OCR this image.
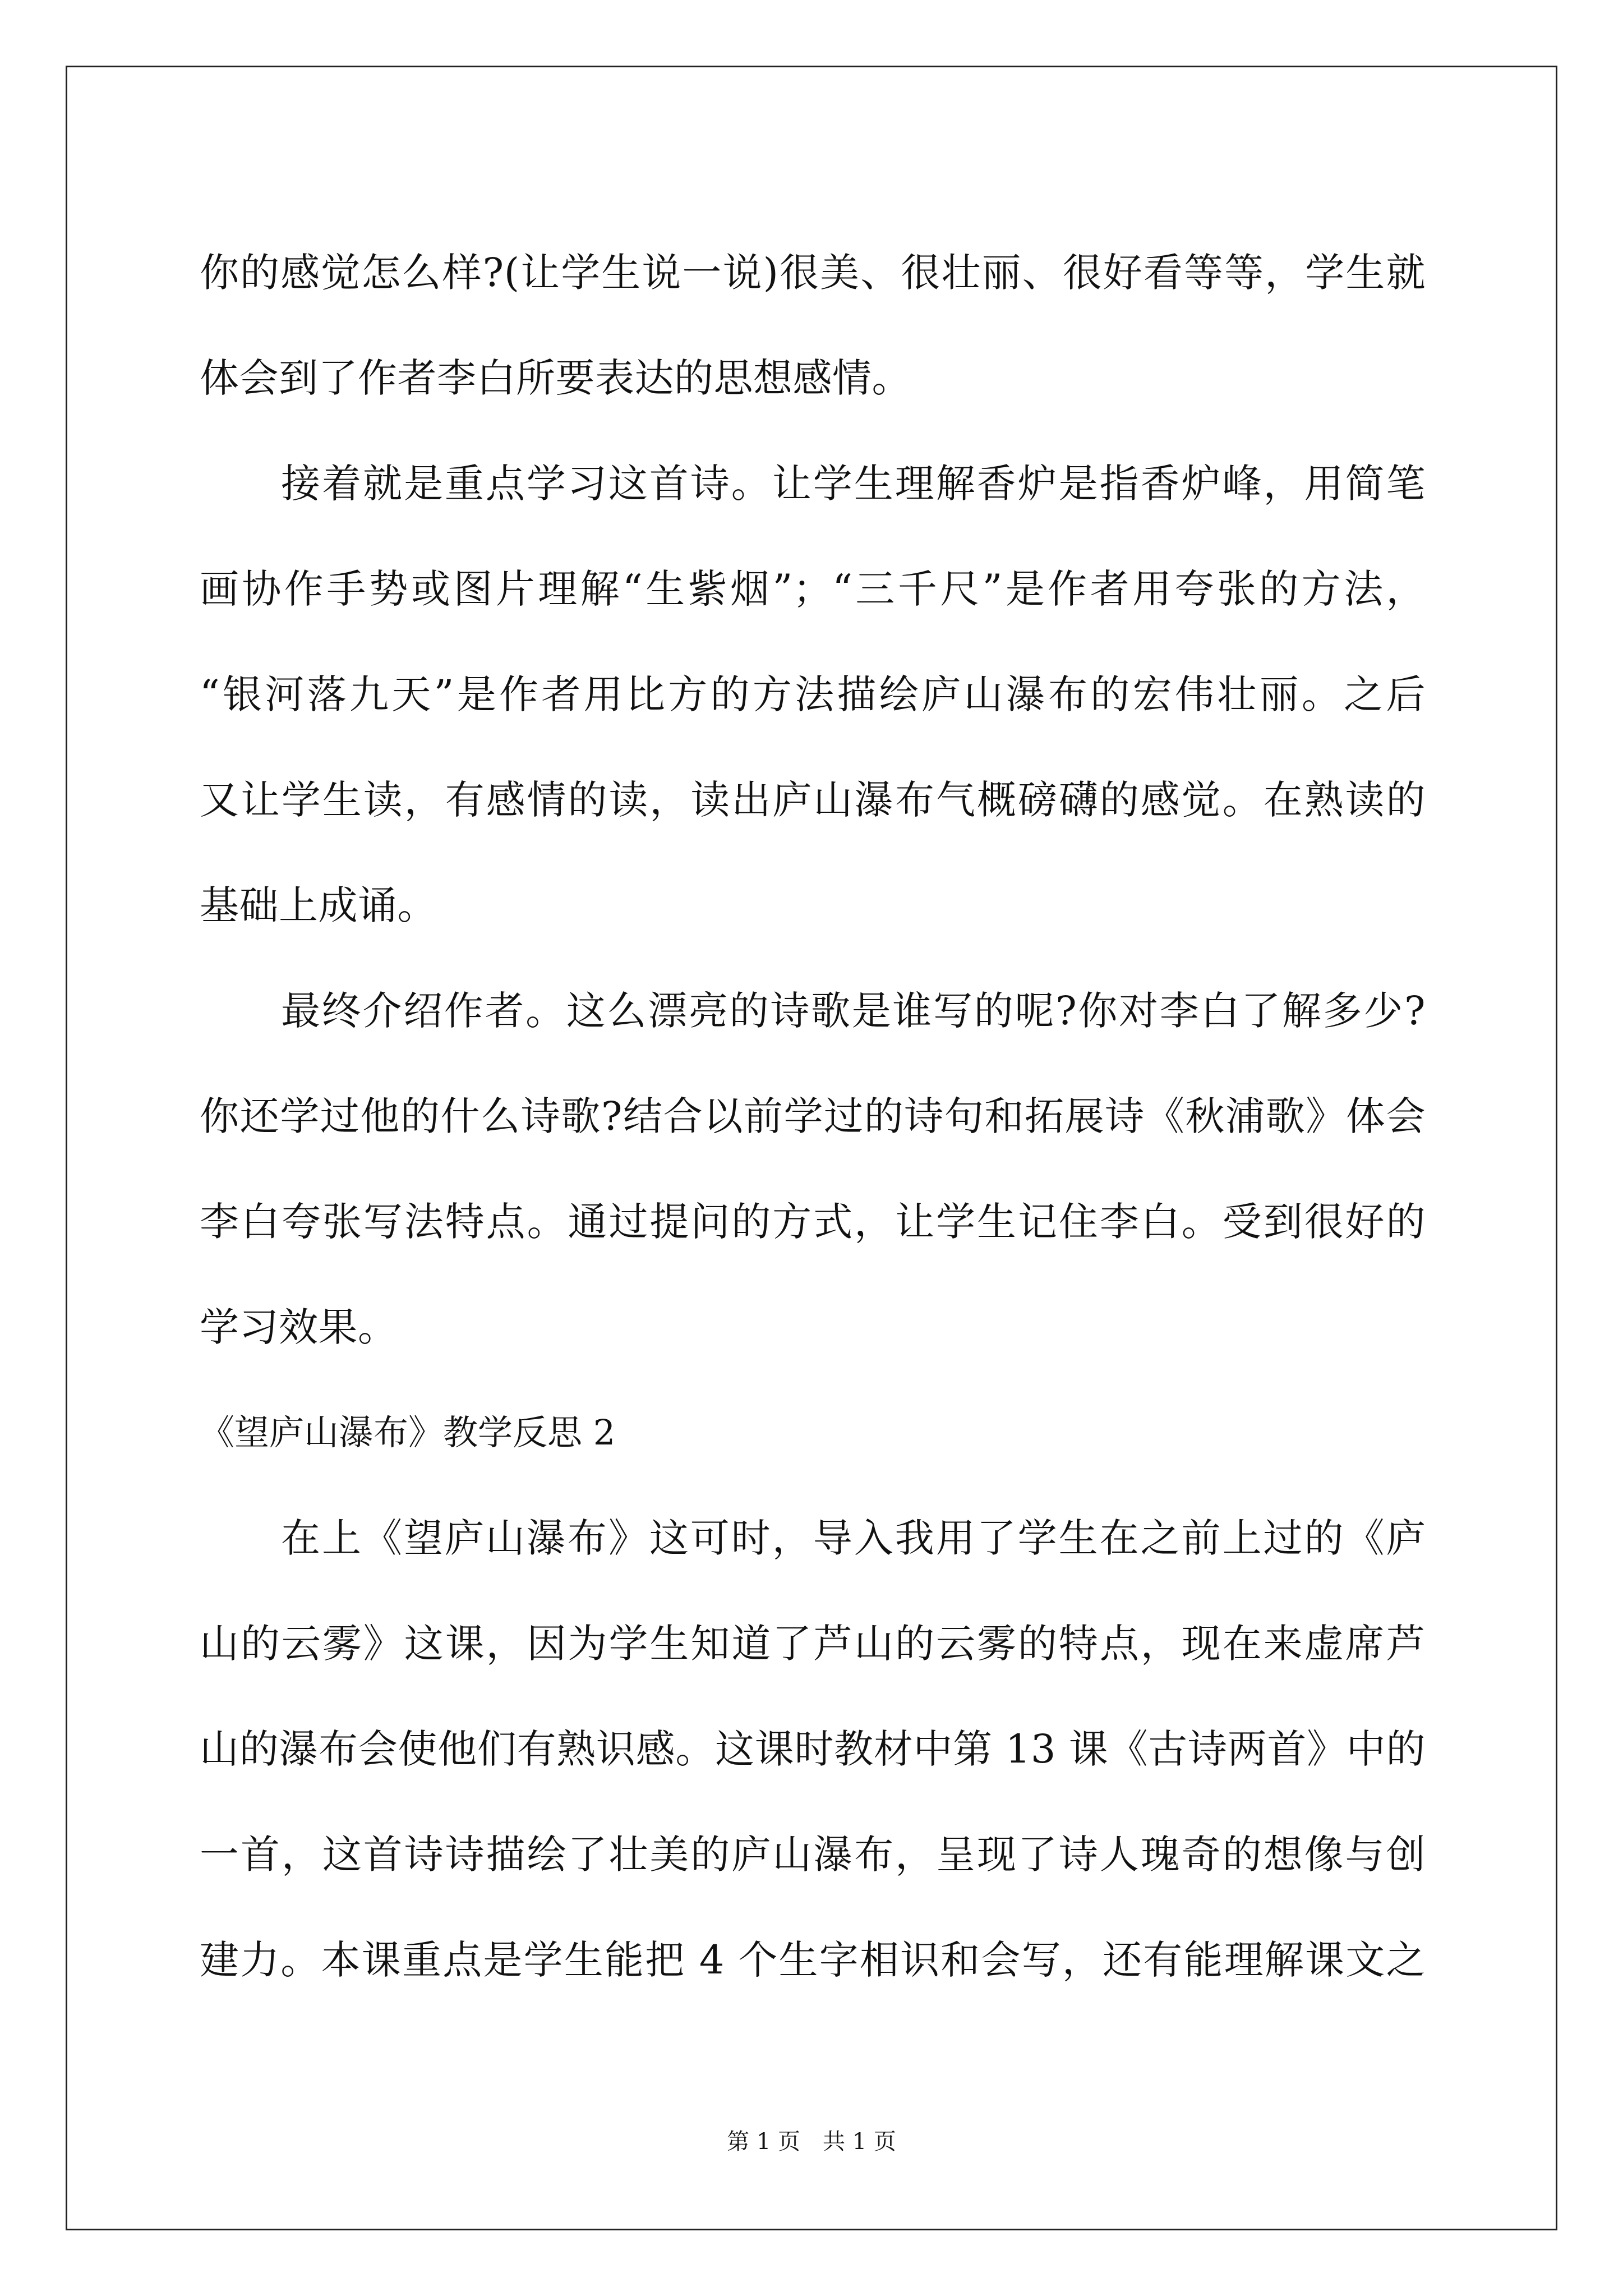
你的感觉怎么样?(让学生说一说)很美、很壮丽、很好看等等，学生就
体会到了作者李白所要表达的思想感情。
接着就是重点学习这首诗。让学生理解香炉是指香炉峰，用简笔
画协作手势或图片理解“生紫烟”；“三千尺”是作者用夸张的方法，
“银河落九天”是作者用比方的方法描绘庐山瀑布的宏伟壮丽。之后
又让学生读，有感情的读，读出庐山瀑布气概磅礴的感觉。在熟读的
基础上成诵。
最终介绍作者。这么漂亮的诗歌是谁写的呢?你对李白了解多少?
你还学过他的什么诗歌?结合以前学过的诗句和拓展诗《秋浦歌》体会
李白夸张写法特点。通过提问的方式，让学生记住李白。受到很好的
学习效果。
《望庐山瀑布》教学反思 2
在上《望庐山瀑布》这可时，导入我用了学生在之前上过的《庐
山的云雾》这课，因为学生知道了芦山的云雾的特点，现在来虚席芦
山的瀑布会使他们有熟识感。这课时教材中第 13 课《古诗两首》中的
一首，这首诗诗描绘了壮美的庐山瀑布，呈现了诗人瑰奇的想像与创
建力。本课重点是学生能把 4 个生字相识和会写，还有能理解课文之
第 1 页　共 1 页
